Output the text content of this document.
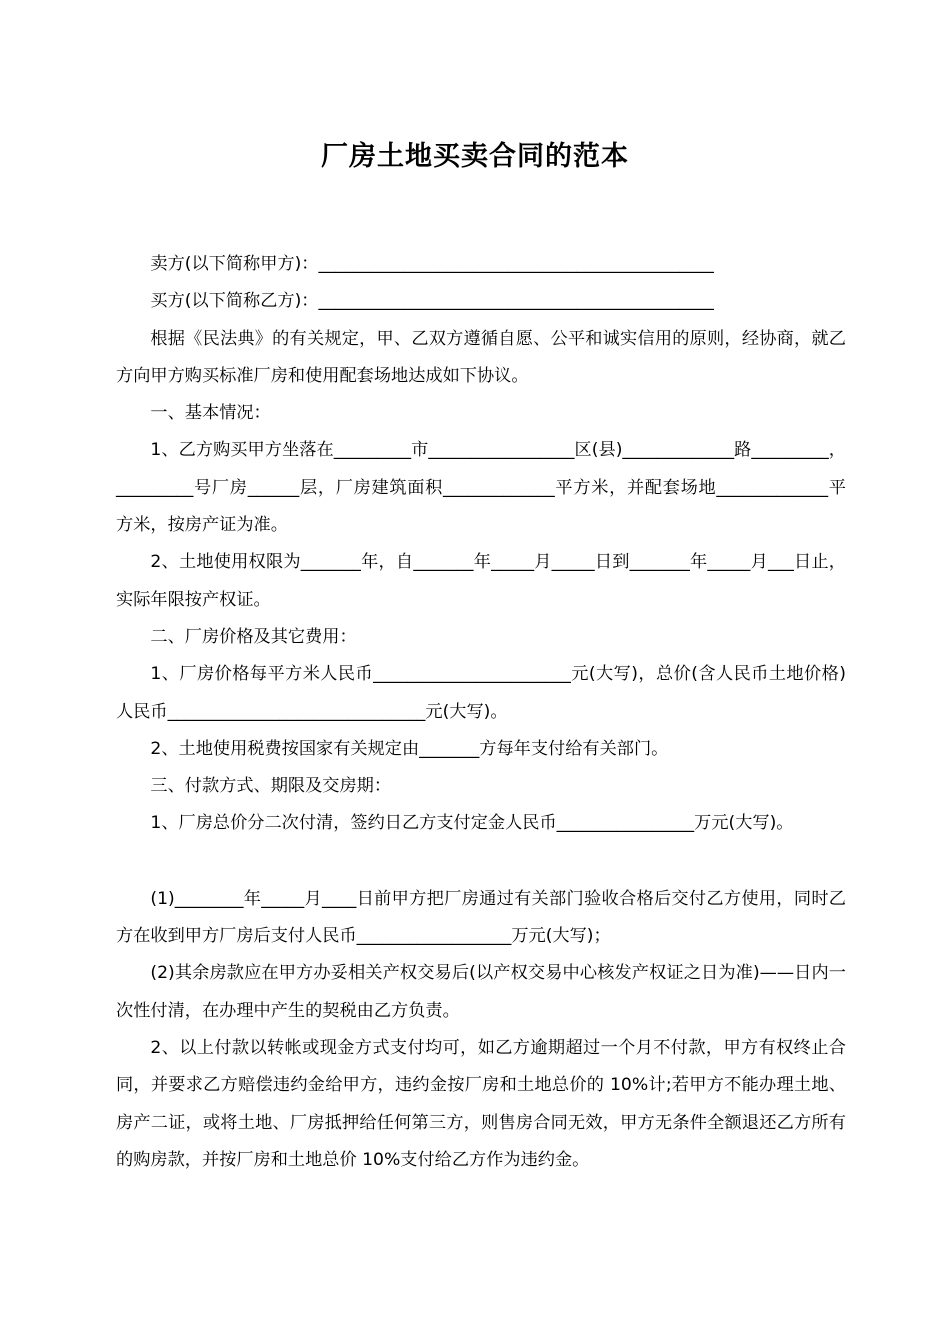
厂房土地买卖合同的范本

卖方(以下简称甲方)：______________________________________________

买方(以下简称乙方)：______________________________________________

根据《民法典》的有关规定，甲、乙双方遵循自愿、公平和诚实信用的原则，经协商，就乙方向甲方购买标准厂房和使用配套场地达成如下协议。

一、基本情况：

1、乙方购买甲方坐落在_________市_________________区(县)_____________路_________，_________号厂房______层，厂房建筑面积_____________平方米，并配套场地_____________平方米，按房产证为准。

2、土地使用权限为_______年，自_______年_____月_____日到_______年_____月___日止，实际年限按产权证。

二、厂房价格及其它费用：

1、厂房价格每平方米人民币_______________________元(大写)，总价(含人民币土地价格)人民币______________________________元(大写)。

2、土地使用税费按国家有关规定由_______方每年支付给有关部门。

三、付款方式、期限及交房期：

1、厂房总价分二次付清，签约日乙方支付定金人民币________________万元(大写)。

(1)________年_____月____日前甲方把厂房通过有关部门验收合格后交付乙方使用，同时乙方在收到甲方厂房后支付人民币__________________万元(大写)；

(2)其余房款应在甲方办妥相关产权交易后(以产权交易中心核发产权证之日为准)——日内一次性付清，在办理中产生的契税由乙方负责。

2、以上付款以转帐或现金方式支付均可，如乙方逾期超过一个月不付款，甲方有权终止合同，并要求乙方赔偿违约金给甲方，违约金按厂房和土地总价的 10%计;若甲方不能办理土地、房产二证，或将土地、厂房抵押给任何第三方，则售房合同无效，甲方无条件全额退还乙方所有的购房款，并按厂房和土地总价 10%支付给乙方作为违约金。
